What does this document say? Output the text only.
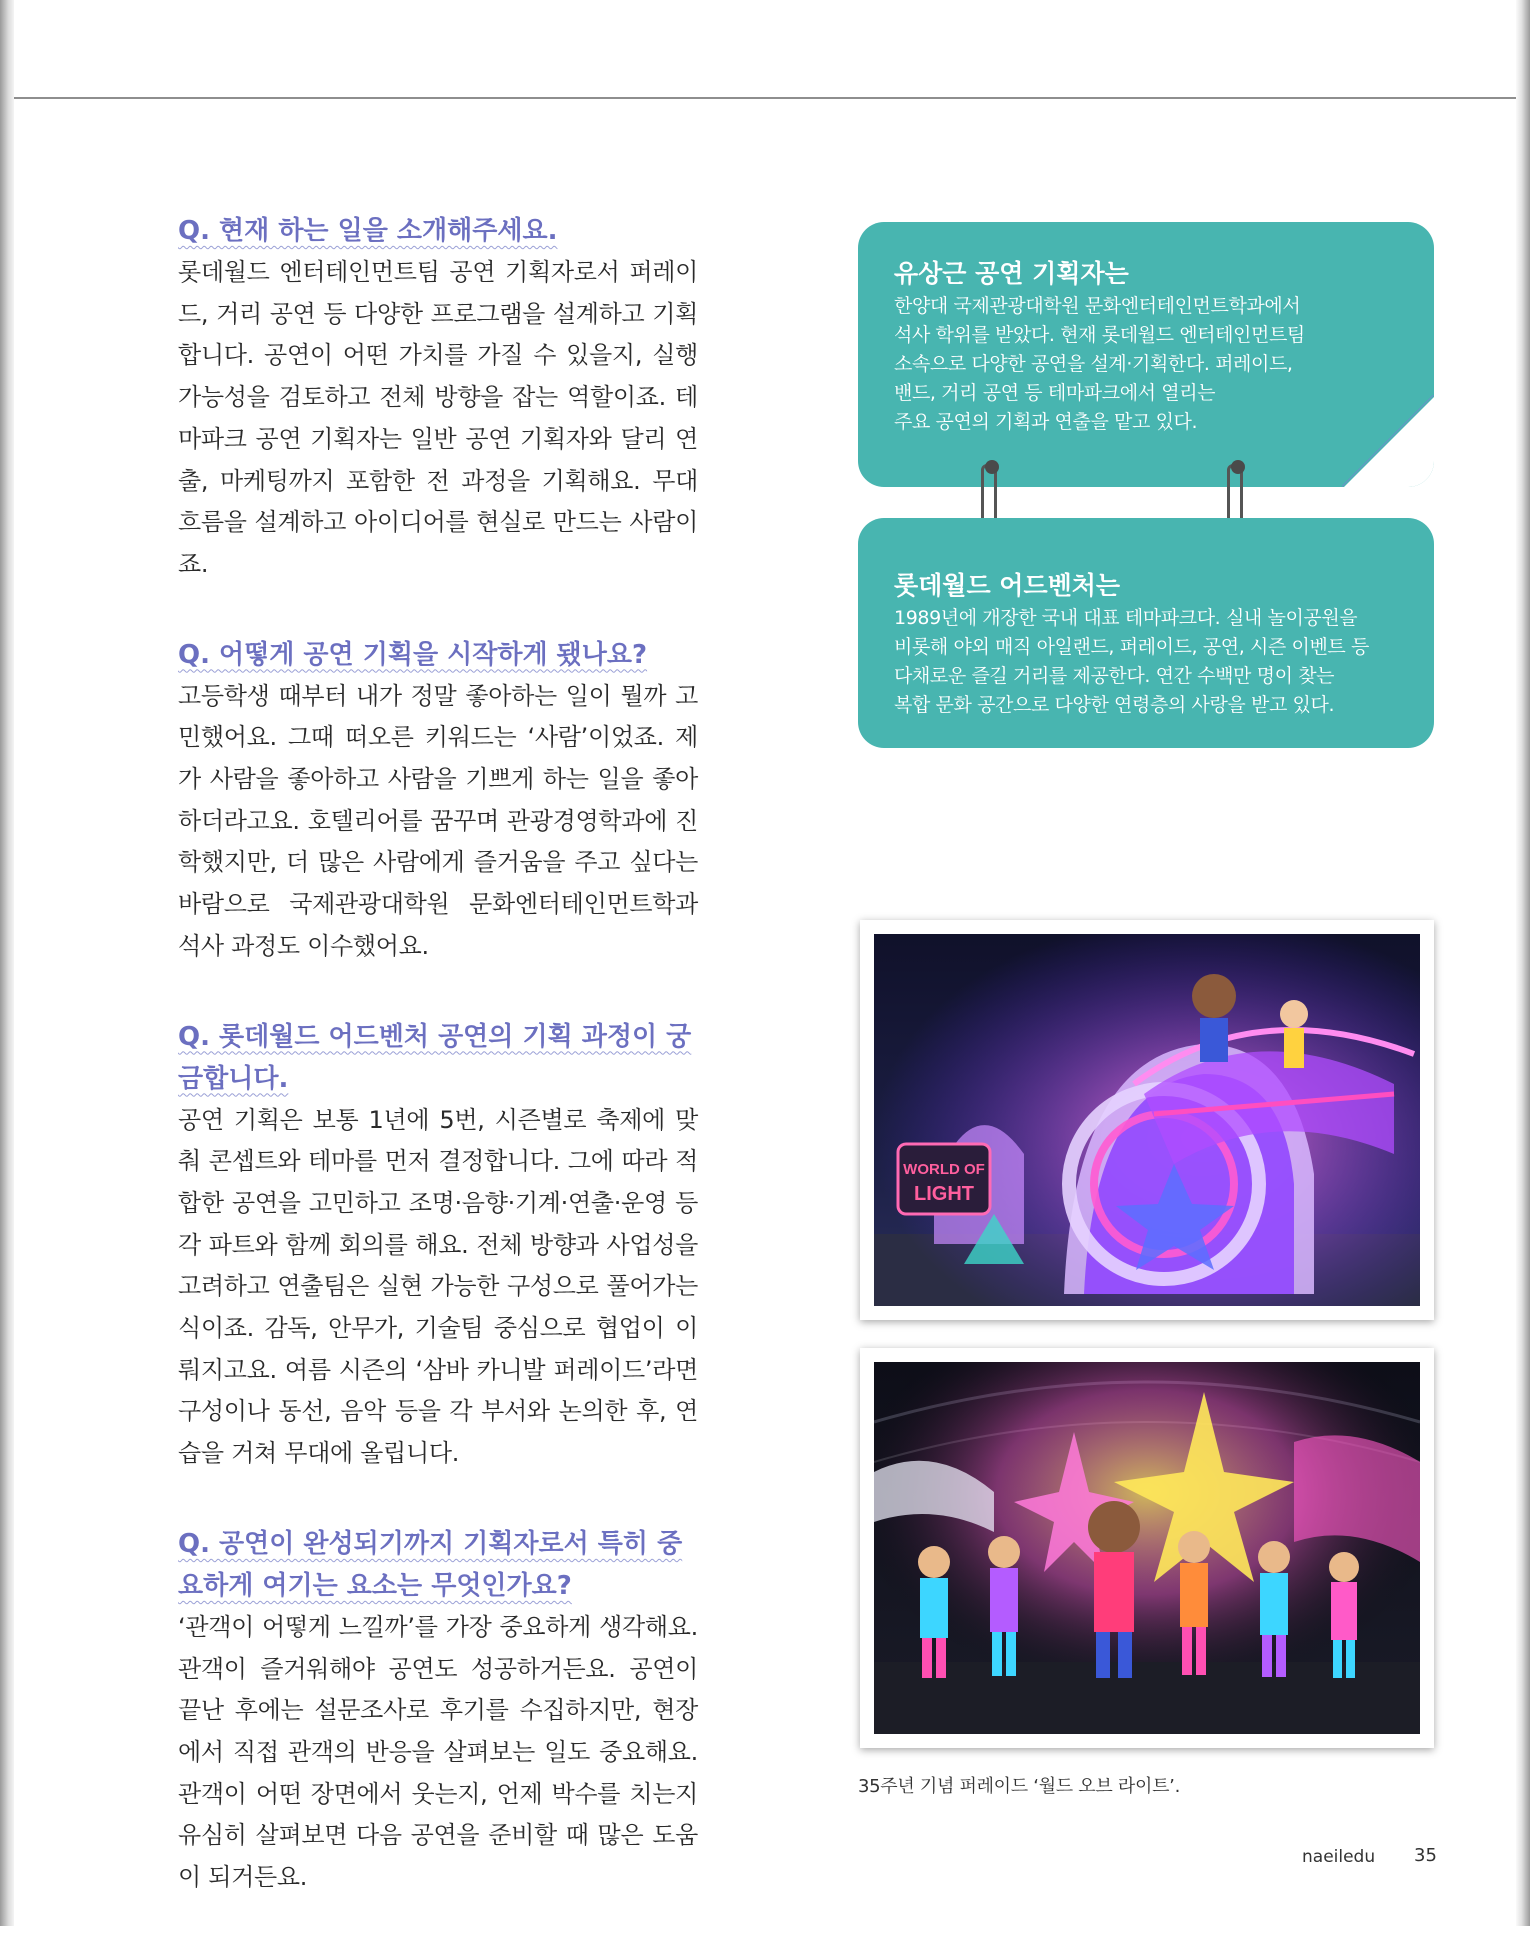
Q. 현재 하는 일을 소개해주세요.

롯데월드 엔터테인먼트팀 공연 기획자로서 퍼레이드, 거리 공연 등 다양한 프로그램을 설계하고 기획합니다. 공연이 어떤 가치를 가질 수 있을지, 실행 가능성을 검토하고 전체 방향을 잡는 역할이죠. 테마파크 공연 기획자는 일반 공연 기획자와 달리 연출, 마케팅까지 포함한 전 과정을 기획해요. 무대 흐름을 설계하고 아이디어를 현실로 만드는 사람이죠.

Q. 어떻게 공연 기획을 시작하게 됐나요?

고등학생 때부터 내가 정말 좋아하는 일이 뭘까 고민했어요. 그때 떠오른 키워드는 ‘사람’이었죠. 제가 사람을 좋아하고 사람을 기쁘게 하는 일을 좋아하더라고요. 호텔리어를 꿈꾸며 관광경영학과에 진학했지만, 더 많은 사람에게 즐거움을 주고 싶다는 바람으로 국제관광대학원 문화엔터테인먼트학과 석사 과정도 이수했어요.

Q. 롯데월드 어드벤처 공연의 기획 과정이 궁금합니다.

공연 기획은 보통 1년에 5번, 시즌별로 축제에 맞춰 콘셉트와 테마를 먼저 결정합니다. 그에 따라 적합한 공연을 고민하고 조명·음향·기계·연출·운영 등 각 파트와 함께 회의를 해요. 전체 방향과 사업성을 고려하고 연출팀은 실현 가능한 구성으로 풀어가는 식이죠. 감독, 안무가, 기술팀 중심으로 협업이 이뤄지고요. 여름 시즌의 ‘삼바 카니발 퍼레이드’라면 구성이나 동선, 음악 등을 각 부서와 논의한 후, 연습을 거쳐 무대에 올립니다.

Q. 공연이 완성되기까지 기획자로서 특히 중요하게 여기는 요소는 무엇인가요?

‘관객이 어떻게 느낄까’를 가장 중요하게 생각해요. 관객이 즐거워해야 공연도 성공하거든요. 공연이 끝난 후에는 설문조사로 후기를 수집하지만, 현장에서 직접 관객의 반응을 살펴보는 일도 중요해요. 관객이 어떤 장면에서 웃는지, 언제 박수를 치는지 유심히 살펴보면 다음 공연을 준비할 때 많은 도움이 되거든요.

유상근 공연 기획자는

한양대 국제관광대학원 문화엔터테인먼트학과에서

석사 학위를 받았다. 현재 롯데월드 엔터테인먼트팀

소속으로 다양한 공연을 설계·기획한다. 퍼레이드,

밴드, 거리 공연 등 테마파크에서 열리는

주요 공연의 기획과 연출을 맡고 있다.

롯데월드 어드벤처는

1989년에 개장한 국내 대표 테마파크다. 실내 놀이공원을

비롯해 야외 매직 아일랜드, 퍼레이드, 공연, 시즌 이벤트 등

다채로운 즐길 거리를 제공한다. 연간 수백만 명이 찾는

복합 문화 공간으로 다양한 연령층의 사랑을 받고 있다.

WORLD OF
LIGHT
35주년 기념 퍼레이드 ‘월드 오브 라이트’.
naeiledu 35
